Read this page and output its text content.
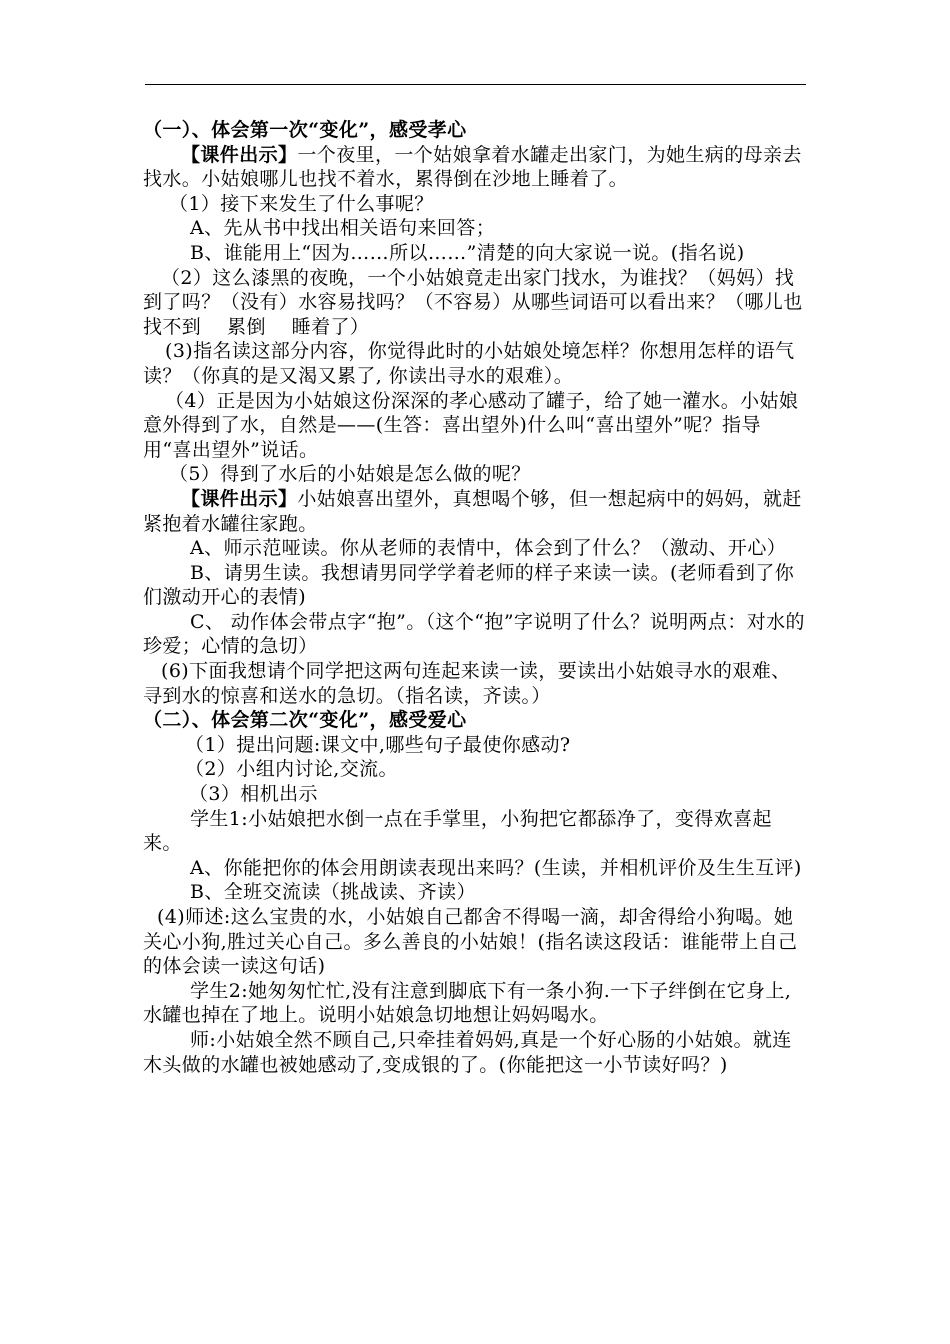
（一）、体会第一次“变化”，感受孝心

【课件出示】一个夜里，一个姑娘拿着水罐走出家门，为她生病的母亲去找水。小姑娘哪儿也找不着水，累得倒在沙地上睡着了。

（1）接下来发生了什么事呢？

A、先从书中找出相关语句来回答；

B、谁能用上“因为……所以……”清楚的向大家说一说。(指名说)

（2）这么漆黑的夜晚，一个小姑娘竟走出家门找水，为谁找？（妈妈）找到了吗？（没有）水容易找吗？（不容易）从哪些词语可以看出来？（哪儿也找不到　 累倒　 睡着了）

(3)指名读这部分内容，你觉得此时的小姑娘处境怎样？你想用怎样的语气读？（你真的是又渴又累了, 你读出寻水的艰难）。

（4）正是因为小姑娘这份深深的孝心感动了罐子，给了她一灌水。小姑娘意外得到了水，自然是——(生答：喜出望外)什么叫“喜出望外”呢？指导用“喜出望外”说话。

（5）得到了水后的小姑娘是怎么做的呢？

【课件出示】小姑娘喜出望外，真想喝个够，但一想起病中的妈妈，就赶紧抱着水罐往家跑。

A、师示范哑读。你从老师的表情中，体会到了什么？（激动、开心）

B、请男生读。我想请男同学学着老师的样子来读一读。(老师看到了你们激动开心的表情)

C、 动作体会带点字“抱”。（这个“抱”字说明了什么？说明两点：对水的珍爱；心情的急切）

(6)下面我想请个同学把这两句连起来读一读，要读出小姑娘寻水的艰难、寻到水的惊喜和送水的急切。（指名读，齐读。）

（二）、体会第二次“变化”，感受爱心

（1）提出问题:课文中,哪些句子最使你感动?

（2）小组内讨论,交流。

（3）相机出示

学生1:小姑娘把水倒一点在手掌里，小狗把它都舔净了，变得欢喜起来。

A、你能把你的体会用朗读表现出来吗？(生读，并相机评价及生生互评)

B、全班交流读（挑战读、齐读）

(4)师述:这么宝贵的水，小姑娘自己都舍不得喝一滴，却舍得给小狗喝。她关心小狗,胜过关心自己。多么善良的小姑娘！(指名读这段话：谁能带上自己的体会读一读这句话)

学生2:她匆匆忙忙,没有注意到脚底下有一条小狗.一下子绊倒在它身上,水罐也掉在了地上。说明小姑娘急切地想让妈妈喝水。

师:小姑娘全然不顾自己,只牵挂着妈妈,真是一个好心肠的小姑娘。就连木头做的水罐也被她感动了,变成银的了。(你能把这一小节读好吗？)
